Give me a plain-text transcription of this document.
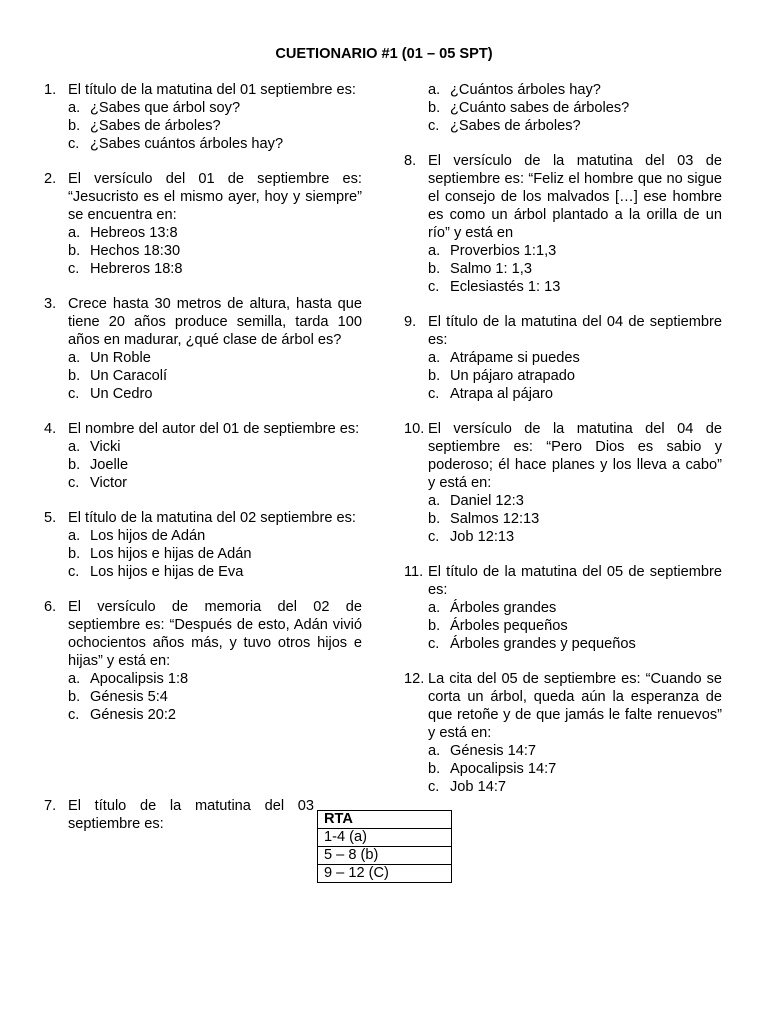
CUETIONARIO #1 (01 – 05 SPT)
1. El título de la matutina del 01 septiembre es:
a. ¿Sabes que árbol soy?
b. ¿Sabes de árboles?
c. ¿Sabes cuántos árboles hay?
2. El versículo del 01 de septiembre es: “Jesucristo es el mismo ayer, hoy y siempre” se encuentra en:
a. Hebreos 13:8
b. Hechos 18:30
c. Hebreros 18:8
3. Crece hasta 30 metros de altura, hasta que tiene 20 años produce semilla, tarda 100 años en madurar, ¿qué clase de árbol es?
a. Un Roble
b. Un Caracolí
c. Un Cedro
4. El nombre del autor del 01 de septiembre es:
a. Vicki
b. Joelle
c. Victor
5. El título de la matutina del 02 septiembre es:
a. Los hijos de Adán
b. Los hijos e hijas de Adán
c. Los hijos e hijas de Eva
6. El versículo de memoria del 02 de septiembre es: “Después de esto, Adán vivió ochocientos años más, y tuvo otros hijos e hijas” y está en:
a. Apocalipsis 1:8
b. Génesis 5:4
c. Génesis 20:2
a. ¿Cuántos árboles hay?
b. ¿Cuánto sabes de árboles?
c. ¿Sabes de árboles?
8. El versículo de la matutina del 03 de septiembre es: “Feliz el hombre que no sigue el consejo de los malvados […] ese hombre es como un árbol plantado a la orilla de un río” y está en
a. Proverbios 1:1,3
b. Salmo 1: 1,3
c. Eclesiastés 1: 13
9. El título de la matutina del 04 de septiembre es:
a. Atrápame si puedes
b. Un pájaro atrapado
c. Atrapa al pájaro
10. El versículo de la matutina del 04 de septiembre es: “Pero Dios es sabio y poderoso; él hace planes y los lleva a cabo” y está en:
a. Daniel 12:3
b. Salmos 12:13
c. Job 12:13
11. El título de la matutina del 05 de septiembre es:
a. Árboles grandes
b. Árboles pequeños
c. Árboles grandes y pequeños
12. La cita del 05 de septiembre es: “Cuando se corta un árbol, queda aún la esperanza de que retoñe y de que jamás le falte renuevos” y está en:
a. Génesis 14:7
b. Apocalipsis 14:7
c. Job 14:7
7. El título de la matutina del 03
septiembre es:	RTA
1-4 (a)
5 – 8 (b)
9 – 12 (C)
